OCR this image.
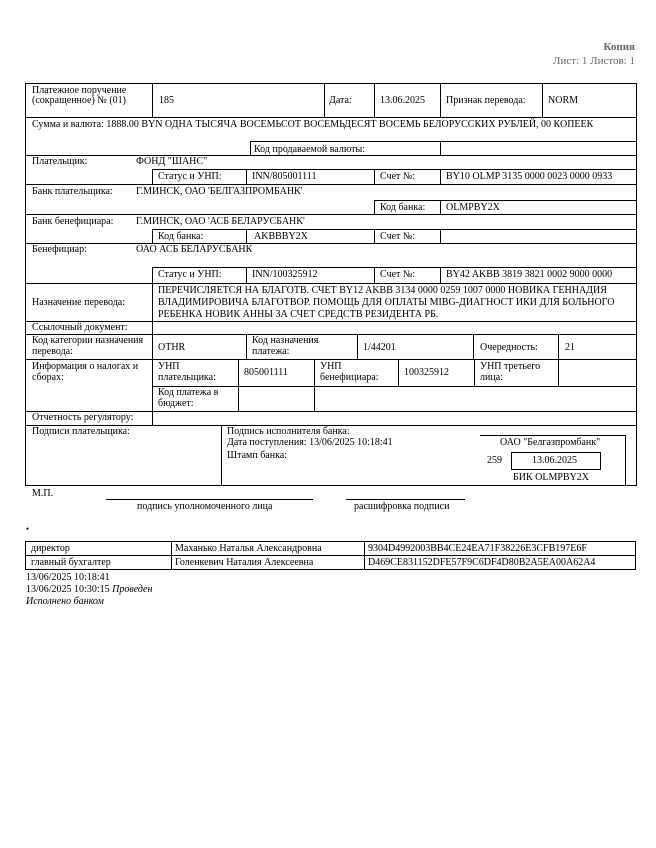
Копия
Лист: 1 Листов: 1
Платежное поручение (сокращенное) № (01)	185	Дата:	13.06.2025 Признак перевода: NORM
Сумма и валюта: 1888.00 BYN ОДНА ТЫСЯЧА ВОСЕМЬСОТ ВОСЕМЬДЕСЯТ ВОСЕМЬ БЕЛОРУССКИХ РУБЛЕЙ, 00 КОПЕЕК
Код продаваемой валюты:
Плательщик:	ФОНД "ШАНС"
Статус и УНП:	INN/805001111	Счет №:	BY10 OLMP 3135 0000 0023 0000 0933
Банк плательщика: Г.МИНСК, ОАО 'БЕЛГАЗПРОМБАНК'
Код банка: OLMPBY2X
Банк бенефициара: Г.МИНСК, ОАО 'АСБ БЕЛАРУСБАНК'
Код банка:	AKBBBY2X	Счет №:
Бенефициар:	ОАО АСБ БЕЛАРУСБАНК
Статус и УНП:	INN/100325912	Счет №:	BY42 AKBB 3819 3821 0002 9000 0000
Назначение перевода:
ПЕРЕЧИСЛЯЕТСЯ НА БЛАГОТВ. СЧЕТ BY12 AKBB 3134 0000 0259 1007 0000 НОВИКА ГЕННАДИЯ ВЛАДИМИРОВИЧА БЛАГОТВОР. ПОМОЩЬ ДЛЯ ОПЛАТЫ MIBG-ДИАГНОСТ ИКИ ДЛЯ БОЛЬНОГО РЕБЕНКА НОВИК АННЫ ЗА СЧЕТ СРЕДСТВ РЕЗИДЕНТА РБ.
Ссылочный документ:
Код категории назначения перевода:	OTHR
Код назначения платежа:	1/44201	Очередность:	21
Информация о налогах и сборах:
УНП плательщика:	805001111
УНП бенефициара:	100325912
УНП третьего лица:
Код платежа в бюджет:
Отчетность регулятору:
Подписи плательщика:	Подпись исполнителя банка:
Дата поступления: 13/06/2025 10:18:41
Штамп банка:
ОАО "Белгазпромбанк"
259	13.06.2025
БИК OLMPBY2X
М.П.
подпись уполномоченного лица	расшифровка подписи
•
директор	Маханько Наталья Александровна	9304D4992003BB4CE24EA71F38226E3CFB197E6F
главный бухгалтер	Голенкевич Наталия Алексеевна	D469CE831152DFE57F9C6DF4D80B2A5EA00A62A4
13/06/2025 10:18:41
13/06/2025 10:30:15 Проведен
Исполнено банком
